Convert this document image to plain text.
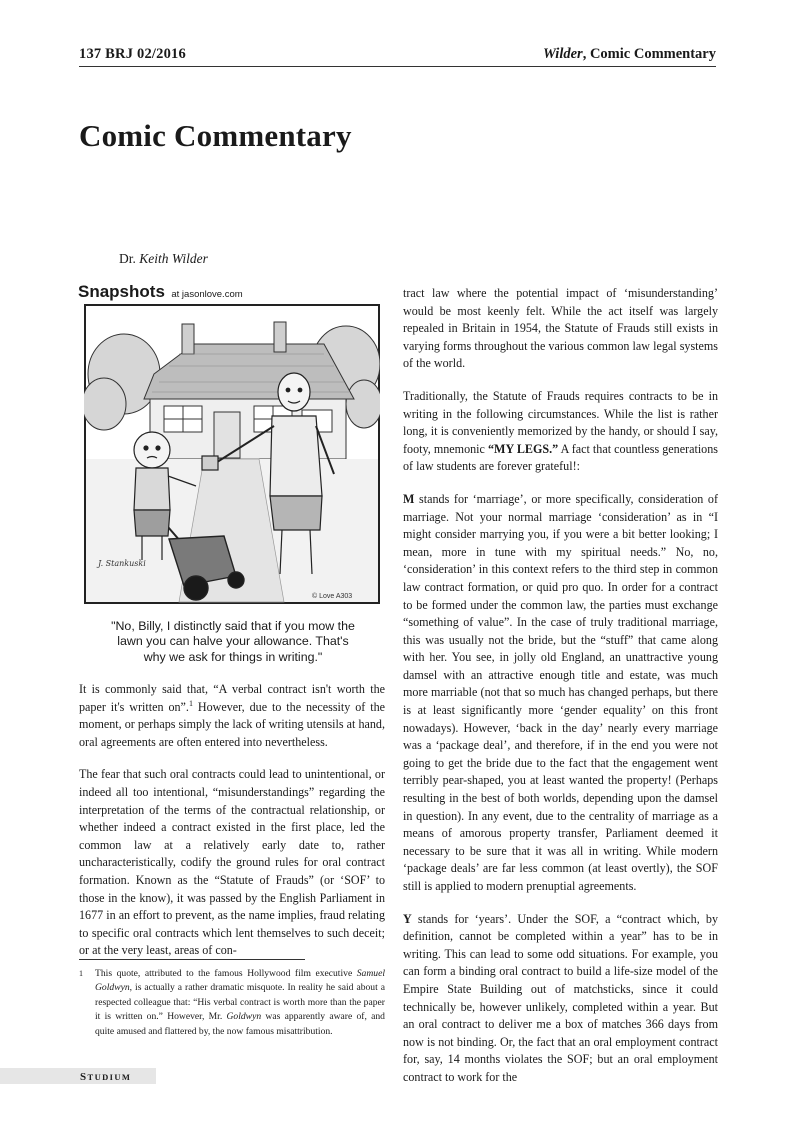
137 BRJ 02/2016	Wilder, Comic Commentary
Comic Commentary
Dr. Keith Wilder
Snapshots at jasonlove.com
J. Stankuski
© Love A303
"No, Billy, I distinctly said that if you mow the
lawn you can halve your allowance. That's
why we ask for things in writing."

It is commonly said that, “A verbal contract isn't worth the paper it's written on”.$^1$ However, due to the necessity of the moment, or perhaps simply the lack of writing utensils at hand, oral agreements are often entered into nevertheless.

The fear that such oral contracts could lead to unintentional, or indeed all too intentional, “misunderstandings” regarding the interpretation of the terms of the contractual relationship, or whether indeed a contract existed in the first place, led the common law at a relatively early date to, rather uncharacteristically, codify the ground rules for oral contract formation. Known as the “Statute of Frauds” (or ‘SOF’ to those in the know), it was passed by the English Parliament in 1677 in an effort to prevent, as the name implies, fraud relating to specific oral contracts which lent themselves to such deceit; or at the very least, areas of con-

tract law where the potential impact of ‘misunderstanding’ would be most keenly felt. While the act itself was largely repealed in Britain in 1954, the Statute of Frauds still exists in varying forms throughout the various common law legal systems of the world.

Traditionally, the Statute of Frauds requires contracts to be in writing in the following circumstances. While the list is rather long, it is conveniently memorized by the handy, or should I say, footy, mnemonic “MY LEGS.” A fact that countless generations of law students are forever grateful!:

M stands for ‘marriage’, or more specifically, consideration of marriage. Not your normal marriage ‘consideration’ as in “I might consider marrying you, if you were a bit better looking; I mean, more in tune with my spiritual needs.” No, no, ‘consideration’ in this context refers to the third step in common law contract formation, or quid pro quo. In order for a contract to be formed under the common law, the parties must exchange “something of value”. In the case of truly traditional marriage, this was usually not the bride, but the “stuff” that came along with her. You see, in jolly old England, an unattractive young damsel with an attractive enough title and estate, was much more marriable (not that so much has changed perhaps, but there is at least significantly more ‘gender equality’ on this front nowadays). However, ‘back in the day’ nearly every marriage was a ‘package deal’, and therefore, if in the end you were not going to get the bride due to the fact that the engagement went terribly pear-shaped, you at least wanted the property! (Perhaps resulting in the best of both worlds, depending upon the damsel in question). In any event, due to the centrality of marriage as a means of amorous property transfer, Parliament deemed it necessary to be sure that it was all in writing. While modern ‘package deals’ are far less common (at least overtly), the SOF still is applied to modern prenuptial agreements.

Y stands for ‘years’. Under the SOF, a “contract which, by definition, cannot be completed within a year” has to be in writing. This can lead to some odd situations. For example, you can form a binding oral contract to build a life-size model of the Empire State Building out of matchsticks, since it could technically be, however unlikely, completed within a year. But an oral contract to deliver me a box of matches 366 days from now is not binding. Or, the fact that an oral employment contract for, say, 14 months violates the SOF; but an oral employment contract to work for the

1	This quote, attributed to the famous Hollywood film executive Samuel Goldwyn, is actually a rather dramatic misquote. In reality he said about a respected colleague that: “His verbal contract is worth more than the paper it is written on.” However, Mr. Goldwyn was apparently aware of, and quite amused and flattered by, the now famous misattribution.
STUDIUM
